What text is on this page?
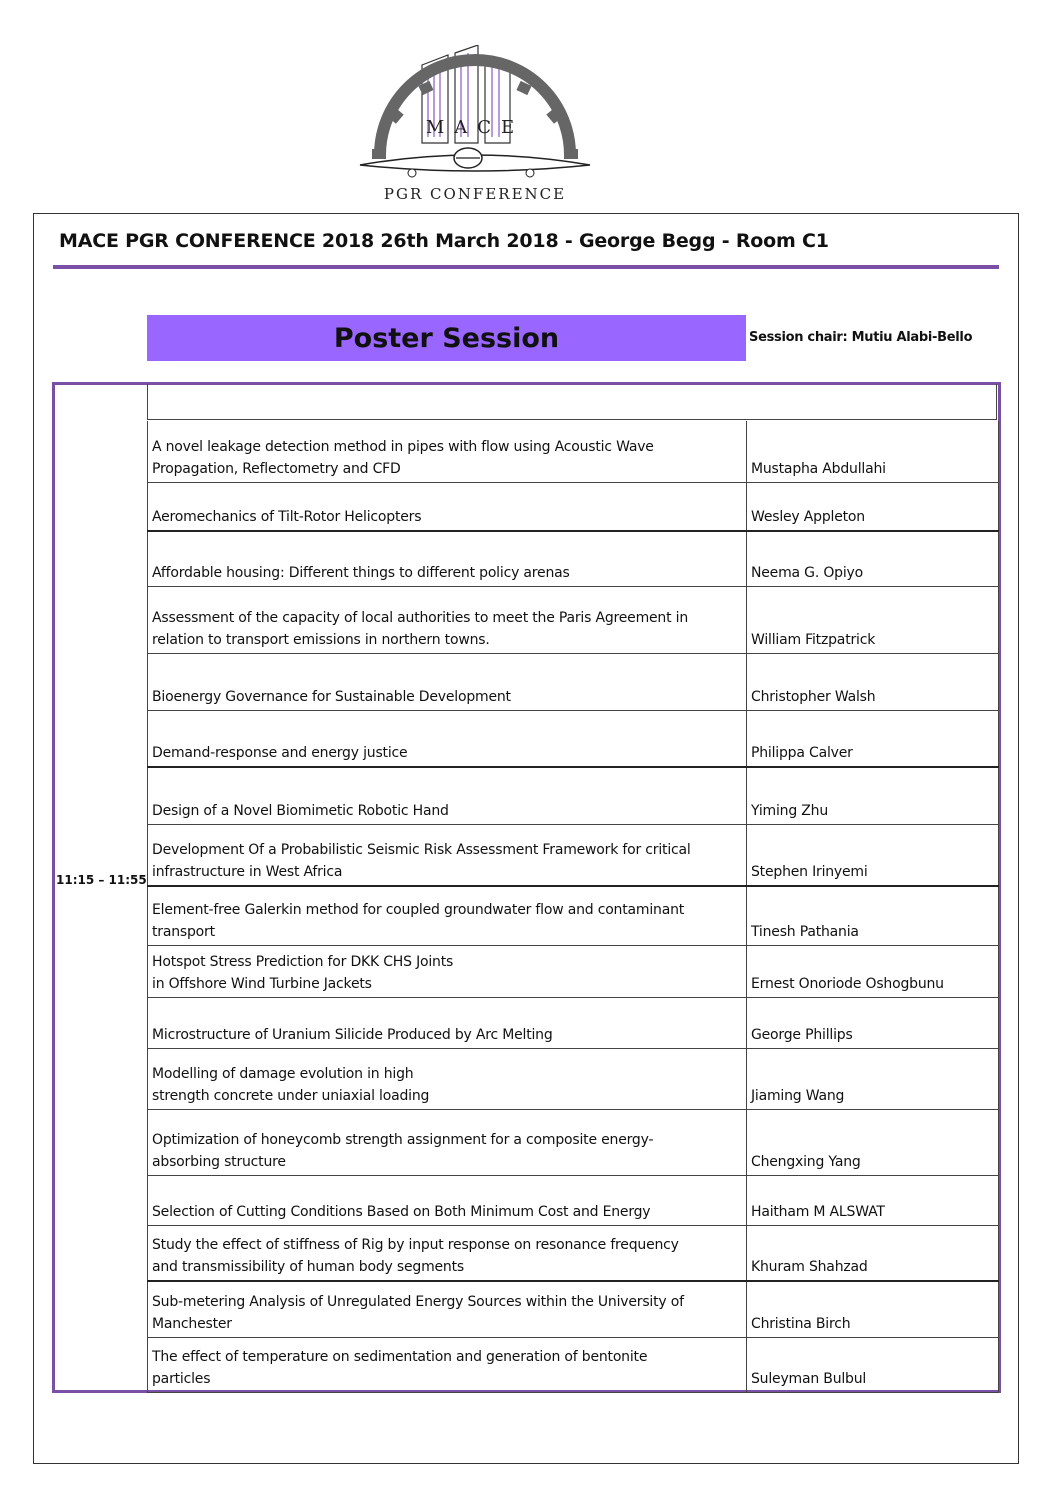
MACE
PGR CONFERENCE
MACE PGR CONFERENCE 2018 26th March 2018 - George Begg - Room C1
Poster Session	Session chair: Mutiu Alabi-Bello
11:15 – 11:55
A novel leakage detection method in pipes with flow using Acoustic Wave
Propagation, Reflectometry and CFD	Mustapha Abdullahi

Aeromechanics of Tilt-Rotor Helicopters	Wesley Appleton

Affordable housing: Different things to different policy arenas	Neema G. Opiyo

Assessment of the capacity of local authorities to meet the Paris Agreement in
relation to transport emissions in northern towns.	William Fitzpatrick

Bioenergy Governance for Sustainable Development	Christopher Walsh

Demand-response and energy justice	Philippa Calver

Design of a Novel Biomimetic Robotic Hand	Yiming Zhu

Development Of a Probabilistic Seismic Risk Assessment Framework for critical
infrastructure in West Africa	Stephen Irinyemi

Element-free Galerkin method for coupled groundwater flow and contaminant
transport	Tinesh Pathania

Hotspot Stress Prediction for DKK CHS Joints
in Offshore Wind Turbine Jackets	Ernest Onoriode Oshogbunu

Microstructure of Uranium Silicide Produced by Arc Melting	George Phillips

Modelling of damage evolution in high
strength concrete under uniaxial loading	Jiaming Wang

Optimization of honeycomb strength assignment for a composite energy-
absorbing structure	Chengxing Yang

Selection of Cutting Conditions Based on Both Minimum Cost and Energy	Haitham M ALSWAT

Study the effect of stiffness of Rig by input response on resonance frequency
and transmissibility of human body segments	Khuram Shahzad

Sub-metering Analysis of Unregulated Energy Sources within the University of
Manchester	Christina Birch

The effect of temperature on sedimentation and generation of bentonite
particles	Suleyman Bulbul
